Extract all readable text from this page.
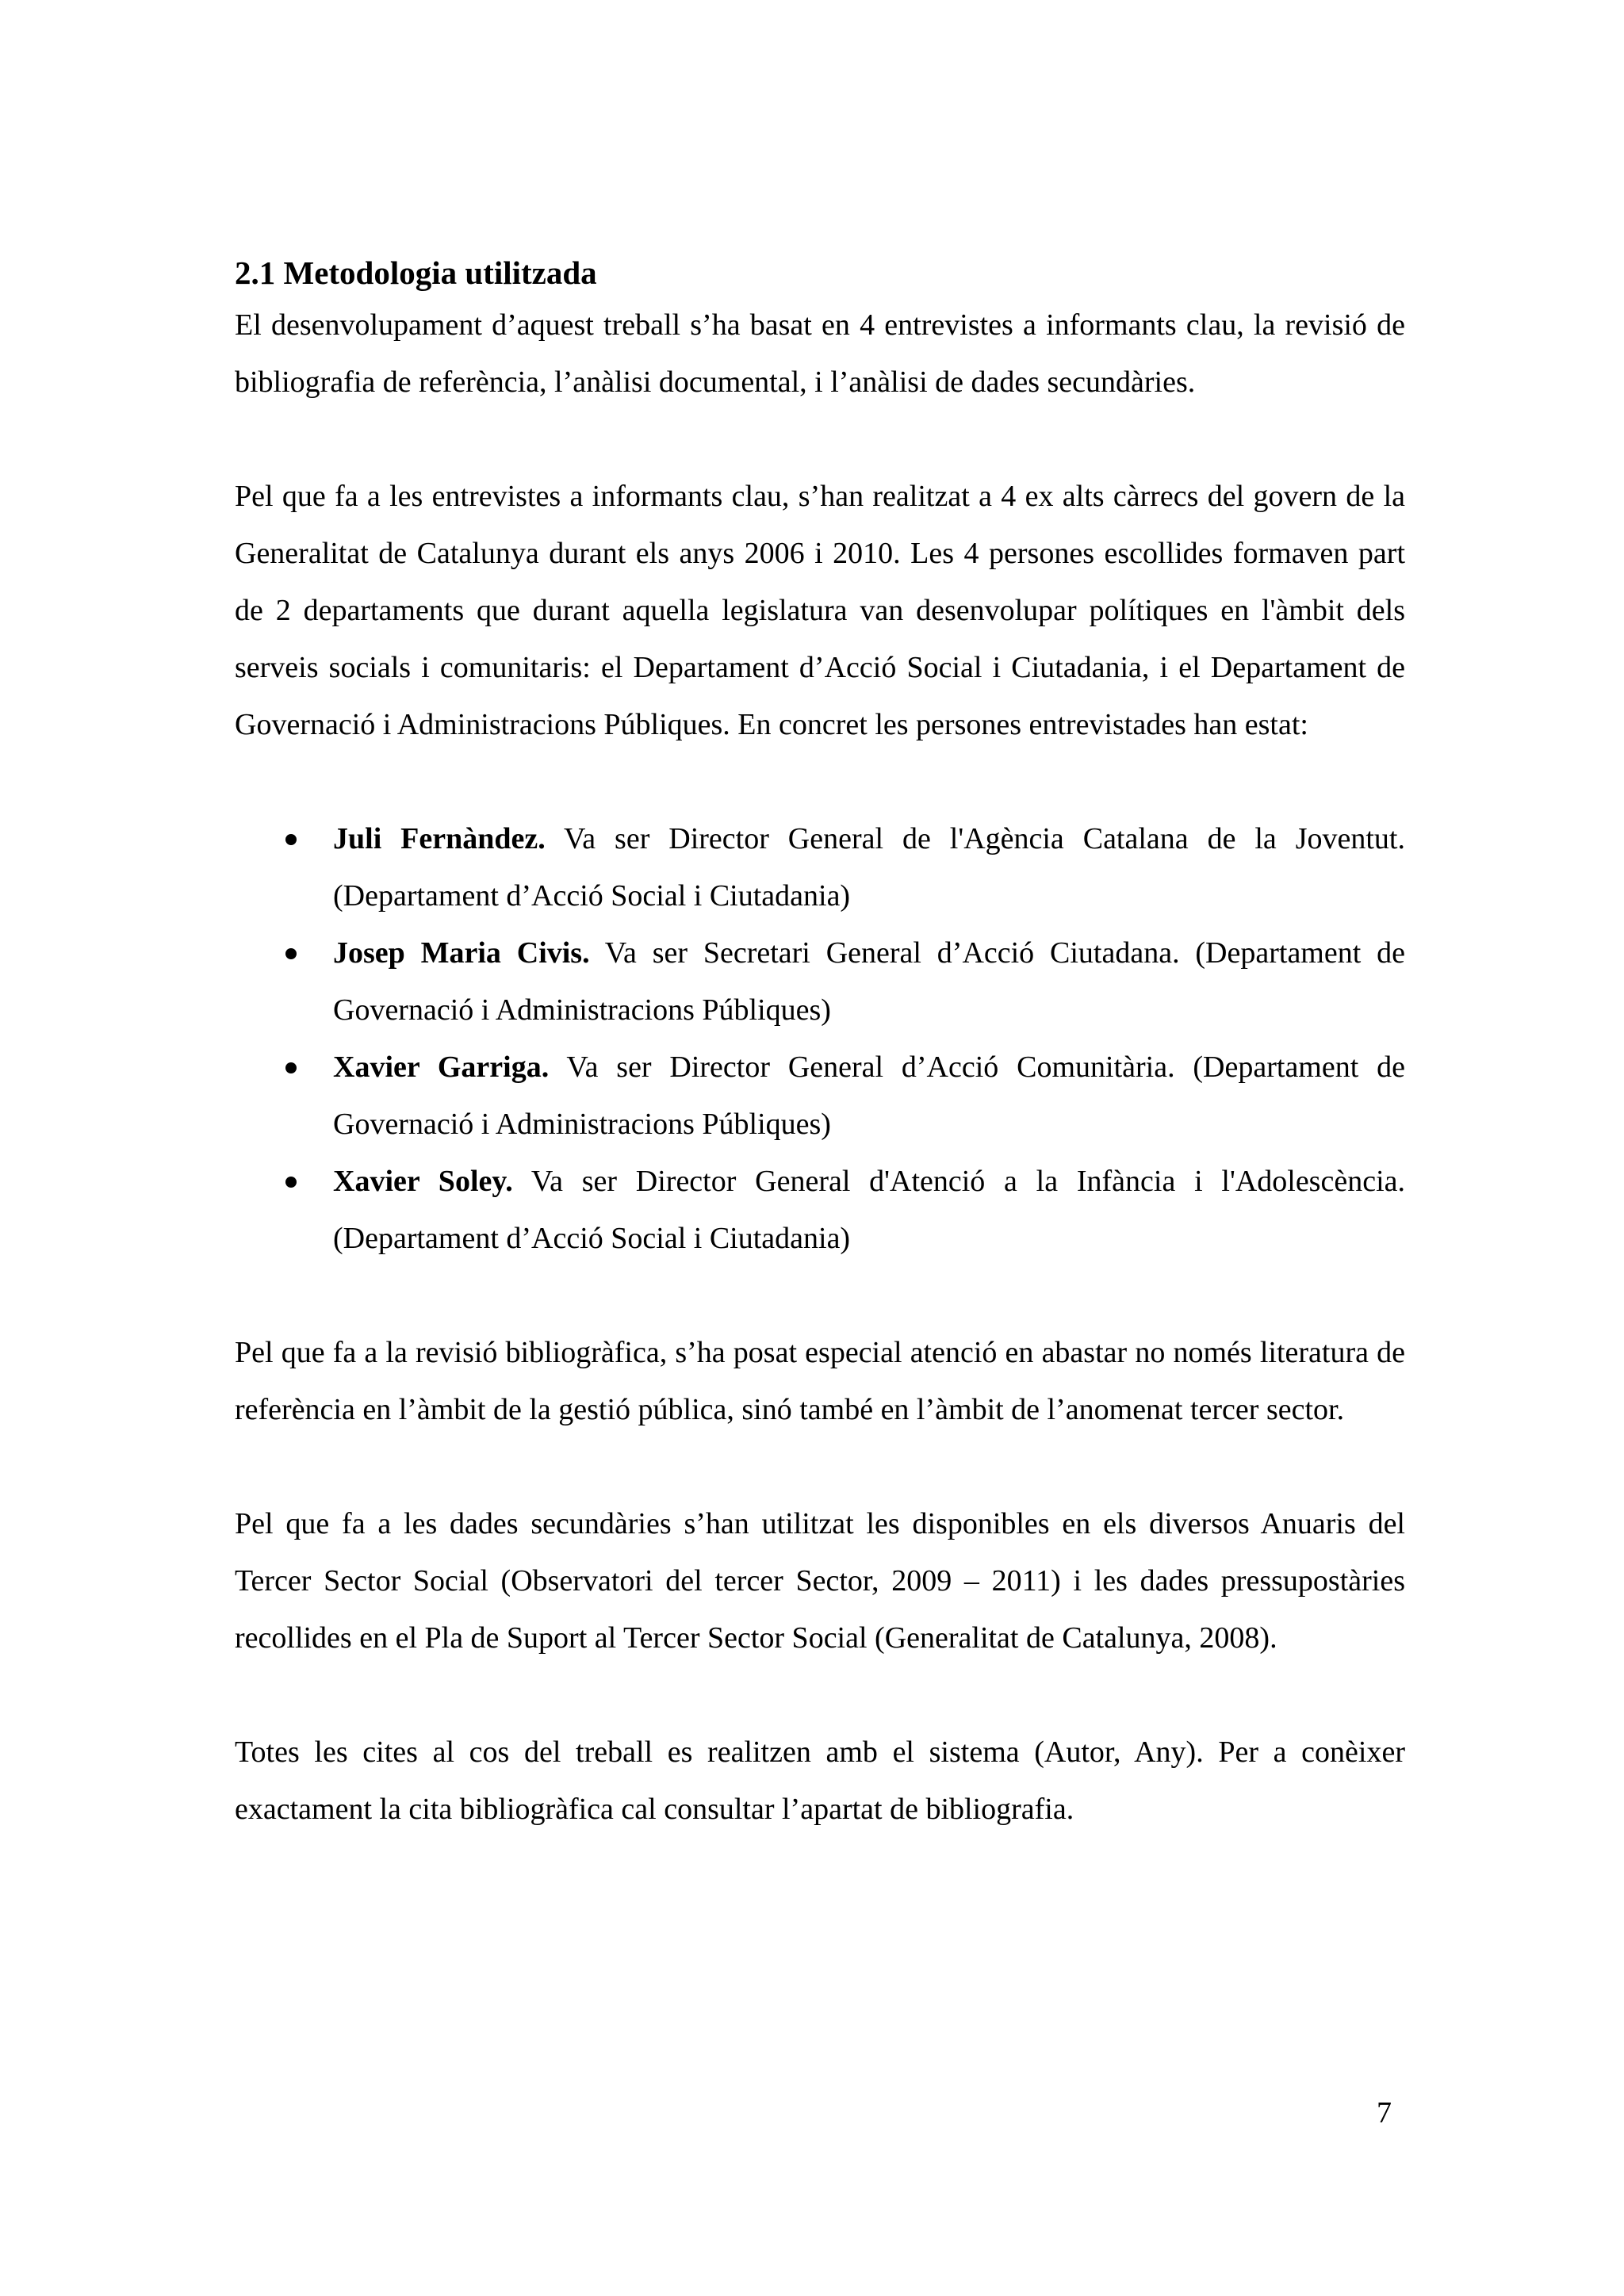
2.1 Metodologia utilitzada

El desenvolupament d’aquest treball s’ha basat en 4 entrevistes a informants clau, la revisió de bibliografia de referència, l’anàlisi documental, i l’anàlisi de dades secundàries.

Pel que fa a les entrevistes a informants clau, s’han realitzat a 4 ex alts càrrecs del govern de la Generalitat de Catalunya durant els anys 2006 i 2010. Les 4 persones escollides formaven part de 2 departaments que durant aquella legislatura van desenvolupar polítiques en l'àmbit dels serveis socials i comunitaris: el Departament d’Acció Social i Ciutadania, i el Departament de Governació i Administracions Públiques. En concret les persones entrevistades han estat:

Juli Fernàndez. Va ser Director General de l'Agència Catalana de la Joventut. (Departament d’Acció Social i Ciutadania)
Josep Maria Civis. Va ser Secretari General d’Acció Ciutadana. (Departament de Governació i Administracions Públiques)
Xavier Garriga. Va ser Director General d’Acció Comunitària. (Departament de Governació i Administracions Públiques)
Xavier Soley. Va ser Director General d'Atenció a la Infància i l'Adolescència. (Departament d’Acció Social i Ciutadania)

Pel que fa a la revisió bibliogràfica, s’ha posat especial atenció en abastar no només literatura de referència en l’àmbit de la gestió pública, sinó també en l’àmbit de l’anomenat tercer sector.

Pel que fa a les dades secundàries s’han utilitzat les disponibles en els diversos Anuaris del Tercer Sector Social (Observatori del tercer Sector, 2009 – 2011) i les dades pressupostàries recollides en el Pla de Suport al Tercer Sector Social (Generalitat de Catalunya, 2008).

Totes les cites al cos del treball es realitzen amb el sistema (Autor, Any). Per a conèixer exactament la cita bibliogràfica cal consultar l’apartat de bibliografia.

7
